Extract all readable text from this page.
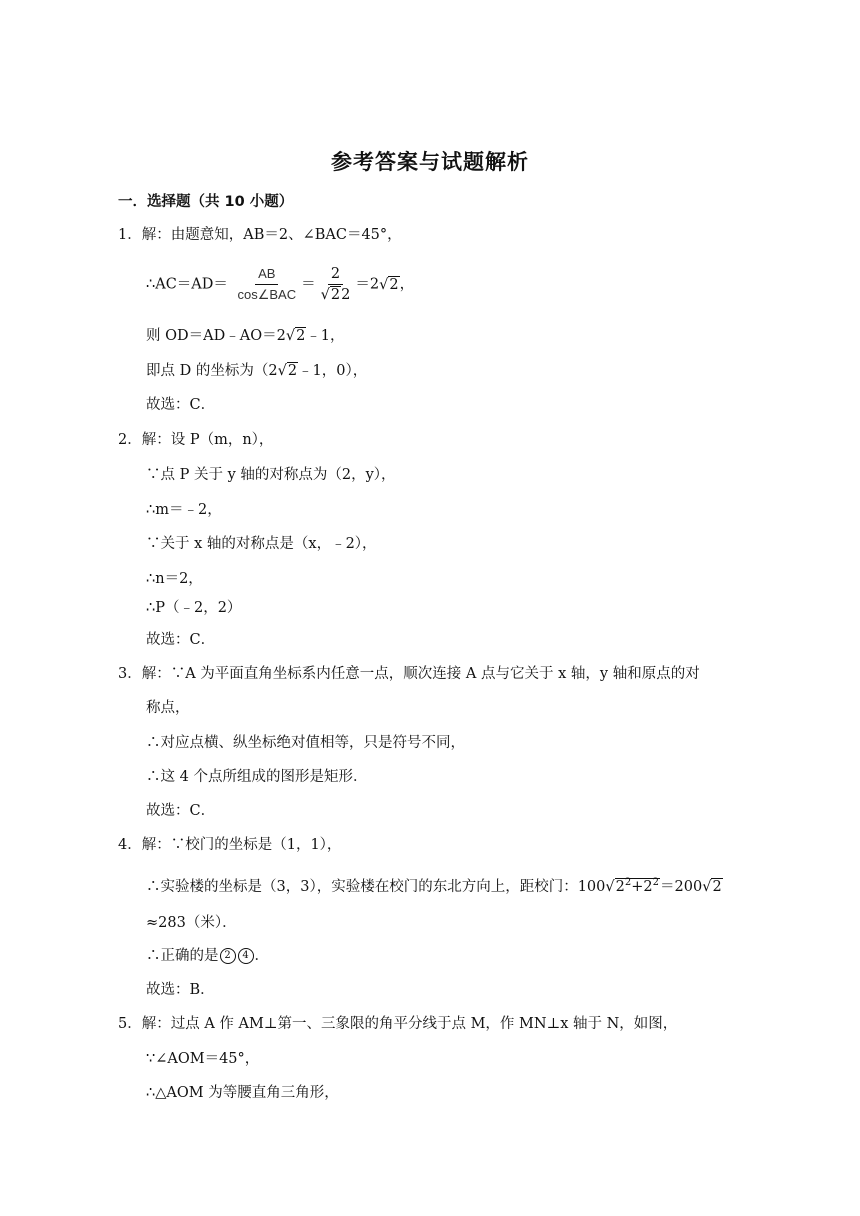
参考答案与试题解析
一．选择题（共 10 小题）
1．解：由题意知，AB＝2、∠BAC＝45°，
∴AC＝AD＝ $\frac{AB}{\text{cos∠BAC}} = \frac{2}{√22} =2√2$，
则 OD＝AD﹣AO＝2√2﹣1，
即点 D 的坐标为（2√2﹣1，0），
故选：C．
2．解：设 P（m，n），
∵点 P 关于 y 轴的对称点为（2，y），
∴m＝﹣2，
∵关于 x 轴的对称点是（x，﹣2），
∴n＝2，
∴P（﹣2，2）
故选：C．
3．解：∵A 为平面直角坐标系内任意一点，顺次连接 A 点与它关于 x 轴，y 轴和原点的对
称点，
∴对应点横、纵坐标绝对值相等，只是符号不同，
∴这 4 个点所组成的图形是矩形．
故选：C．
4．解：∵校门的坐标是（1，1），
∴实验楼的坐标是（3，3），实验楼在校门的东北方向上，距校门：$100√2^2+2^2=200√2$
≈283（米）．
∴正确的是 2 4 ．
故选：B．
5．解：过点 A 作 AM⊥第一、三象限的角平分线于点 M，作 MN⊥x 轴于 N，如图，
∵∠AOM＝45°，
∴△AOM 为等腰直角三角形，
